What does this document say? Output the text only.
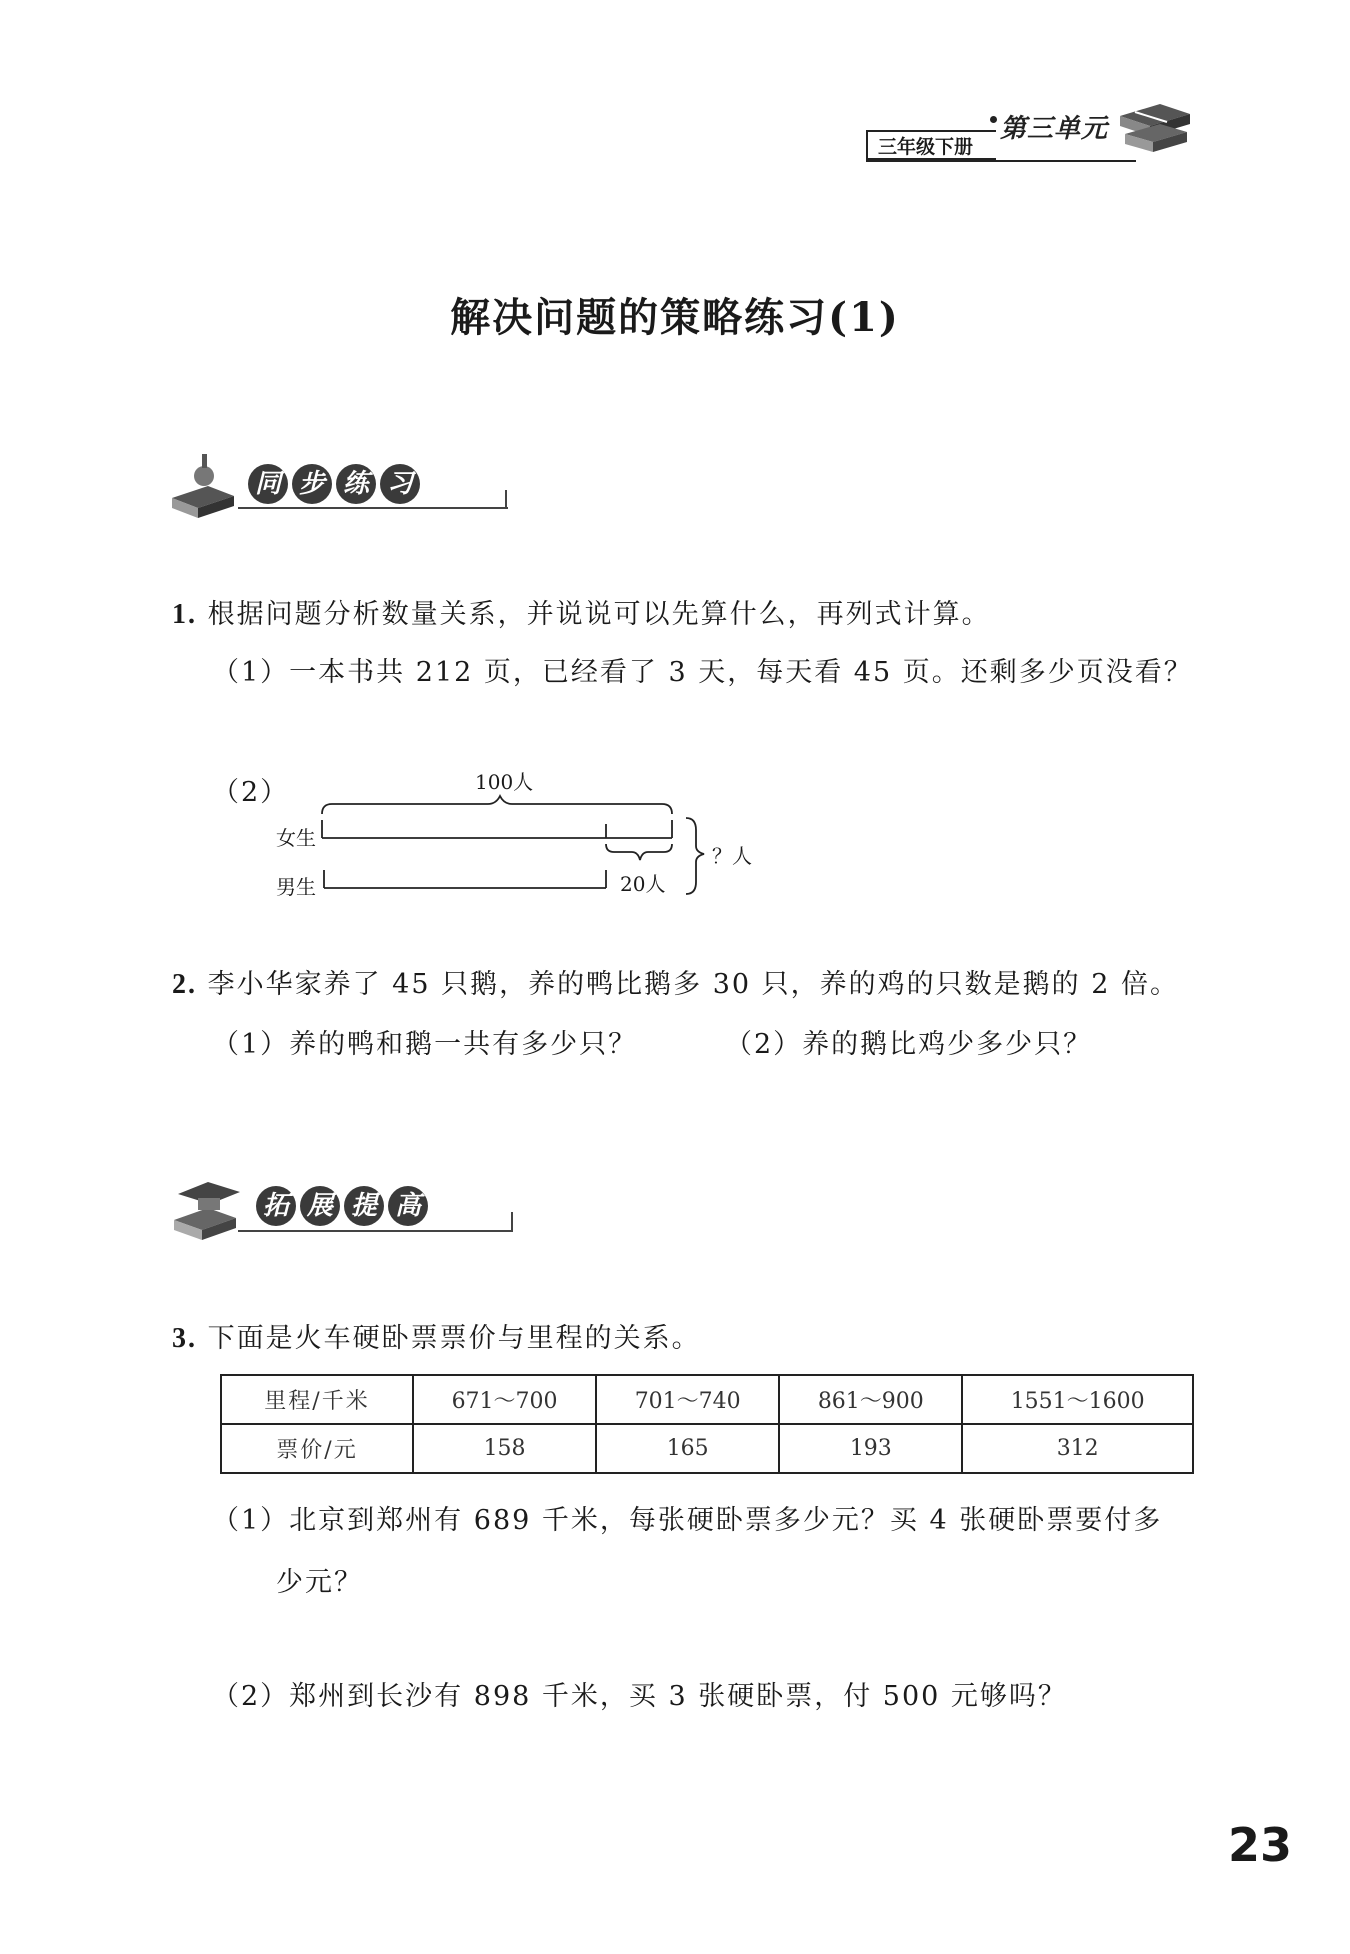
第三单元
三年级下册
解决问题的策略练习(1)
同 步 练 习
1. 根据问题分析数量关系，并说说可以先算什么，再列式计算。
（1）一本书共 212 页，已经看了 3 天，每天看 45 页。还剩多少页没看？
（2）	100人
女生
男生	20人
？人
2. 李小华家养了 45 只鹅，养的鸭比鹅多 30 只，养的鸡的只数是鹅的 2 倍。
（1）养的鸭和鹅一共有多少只？	（2）养的鹅比鸡少多少只？
拓 展 提 高
3. 下面是火车硬卧票票价与里程的关系。
里程/千米	671～700	701～740	861～900	1551～1600
票价/元	158	165	193	312
（1）北京到郑州有 689 千米，每张硬卧票多少元？买 4 张硬卧票要付多
少元？
（2）郑州到长沙有 898 千米，买 3 张硬卧票，付 500 元够吗？
23
